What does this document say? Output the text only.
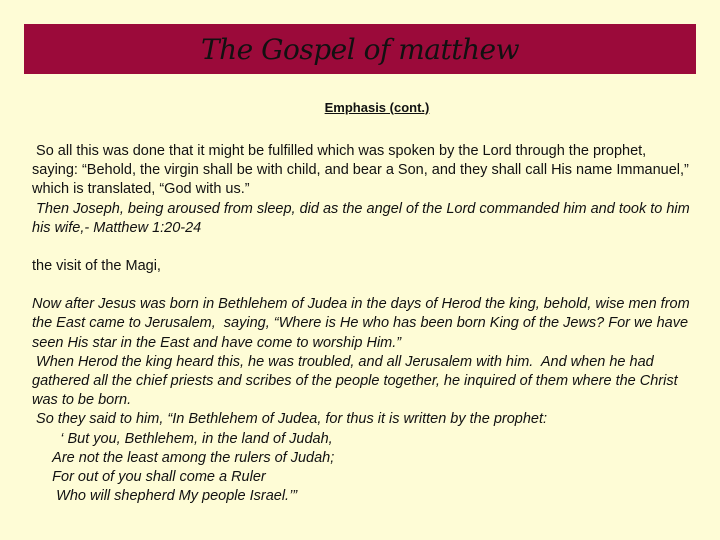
The Gospel of matthew
Emphasis (cont.)

So all this was done that it might be fulfilled which was spoken by the Lord through the prophet, saying: “Behold, the virgin shall be with child, and bear a Son, and they shall call His name Immanuel,” which is translated, “God with us.”

Then Joseph, being aroused from sleep, did as the angel of the Lord commanded him and took to him his wife,- Matthew 1:20-24

the visit of the Magi,

Now after Jesus was born in Bethlehem of Judea in the days of Herod the king, behold, wise men from the East came to Jerusalem,  saying, “Where is He who has been born King of the Jews? For we have seen His star in the East and have come to worship Him.”

When Herod the king heard this, he was troubled, and all Jerusalem with him.  And when he had gathered all the chief priests and scribes of the people together, he inquired of them where the Christ was to be born.

So they said to him, “In Bethlehem of Judea, for thus it is written by the prophet:

‘ But you, Bethlehem, in the land of Judah,

Are not the least among the rulers of Judah;

For out of you shall come a Ruler

Who will shepherd My people Israel.’”
